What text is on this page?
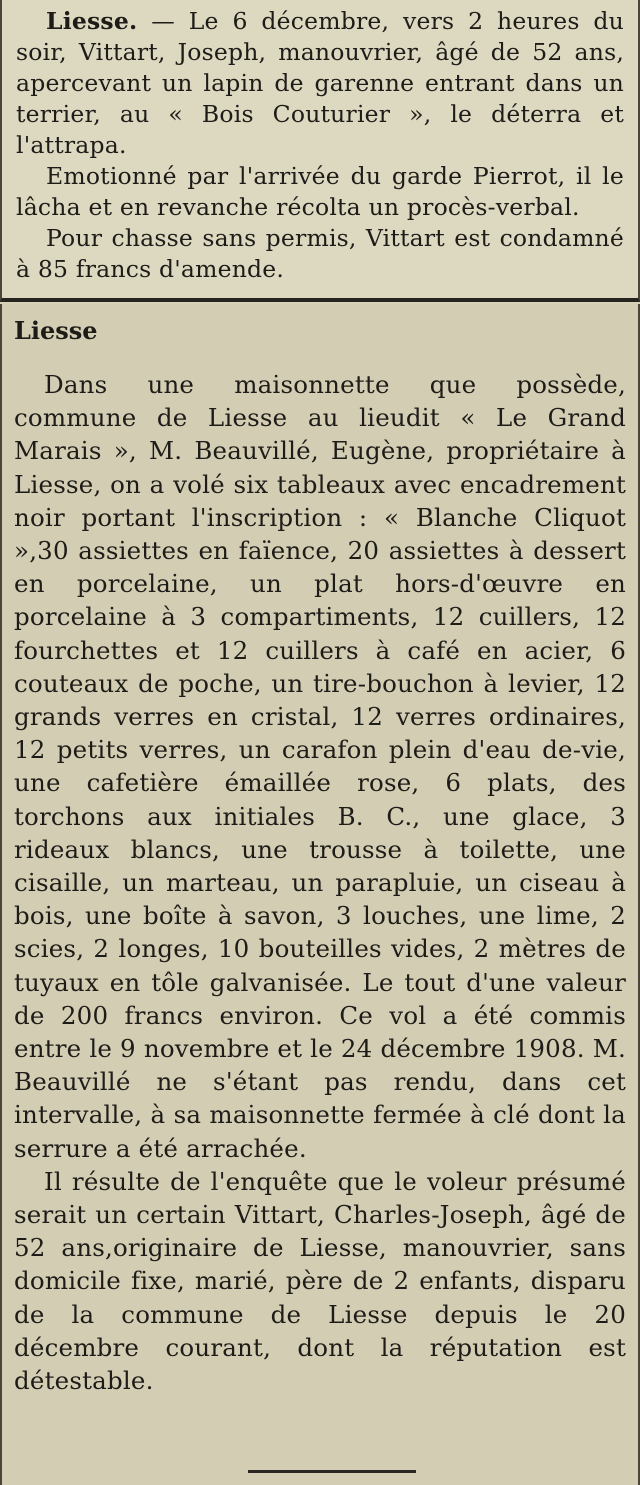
Liesse. — Le 6 décembre, vers 2 heures du soir, Vittart, Joseph, manouvrier, âgé de 52 ans, apercevant un lapin de garenne entrant dans un terrier, au « Bois Couturier », le déterra et l'attrapa.

Emotionné par l'arrivée du garde Pierrot, il le lâcha et en revanche récolta un procès-verbal.

Pour chasse sans permis, Vittart est condamné à 85 francs d'amende.

Liesse

Dans une maisonnette que possède, commune de Liesse au lieudit « Le Grand Marais », M. Beauvillé, Eugène, propriétaire à Liesse, on a volé six tableaux avec encadrement noir portant l'inscription : « Blanche Cliquot »,30 assiettes en faïence, 20 assiettes à dessert en porcelaine, un plat hors-d'œuvre en porcelaine à 3 compartiments, 12 cuillers, 12 fourchettes et 12 cuillers à café en acier, 6 couteaux de poche, un tire-bouchon à levier, 12 grands verres en cristal, 12 verres ordinaires, 12 petits verres, un carafon plein d'eau de-vie, une cafetière émaillée rose, 6 plats, des torchons aux initiales B. C., une glace, 3 rideaux blancs, une trousse à toilette, une cisaille, un marteau, un parapluie, un ciseau à bois, une boîte à savon, 3 louches, une lime, 2 scies, 2 longes, 10 bouteilles vides, 2 mètres de tuyaux en tôle galvanisée. Le tout d'une valeur de 200 francs environ. Ce vol a été commis entre le 9 novembre et le 24 décembre 1908. M. Beauvillé ne s'étant pas rendu, dans cet intervalle, à sa maisonnette fermée à clé dont la serrure a été arrachée.

Il résulte de l'enquête que le voleur présumé serait un certain Vittart, Charles-Joseph, âgé de 52 ans,originaire de Liesse, manouvrier, sans domicile fixe, marié, père de 2 enfants, disparu de la commune de Liesse depuis le 20 décembre courant, dont la réputation est détestable.
